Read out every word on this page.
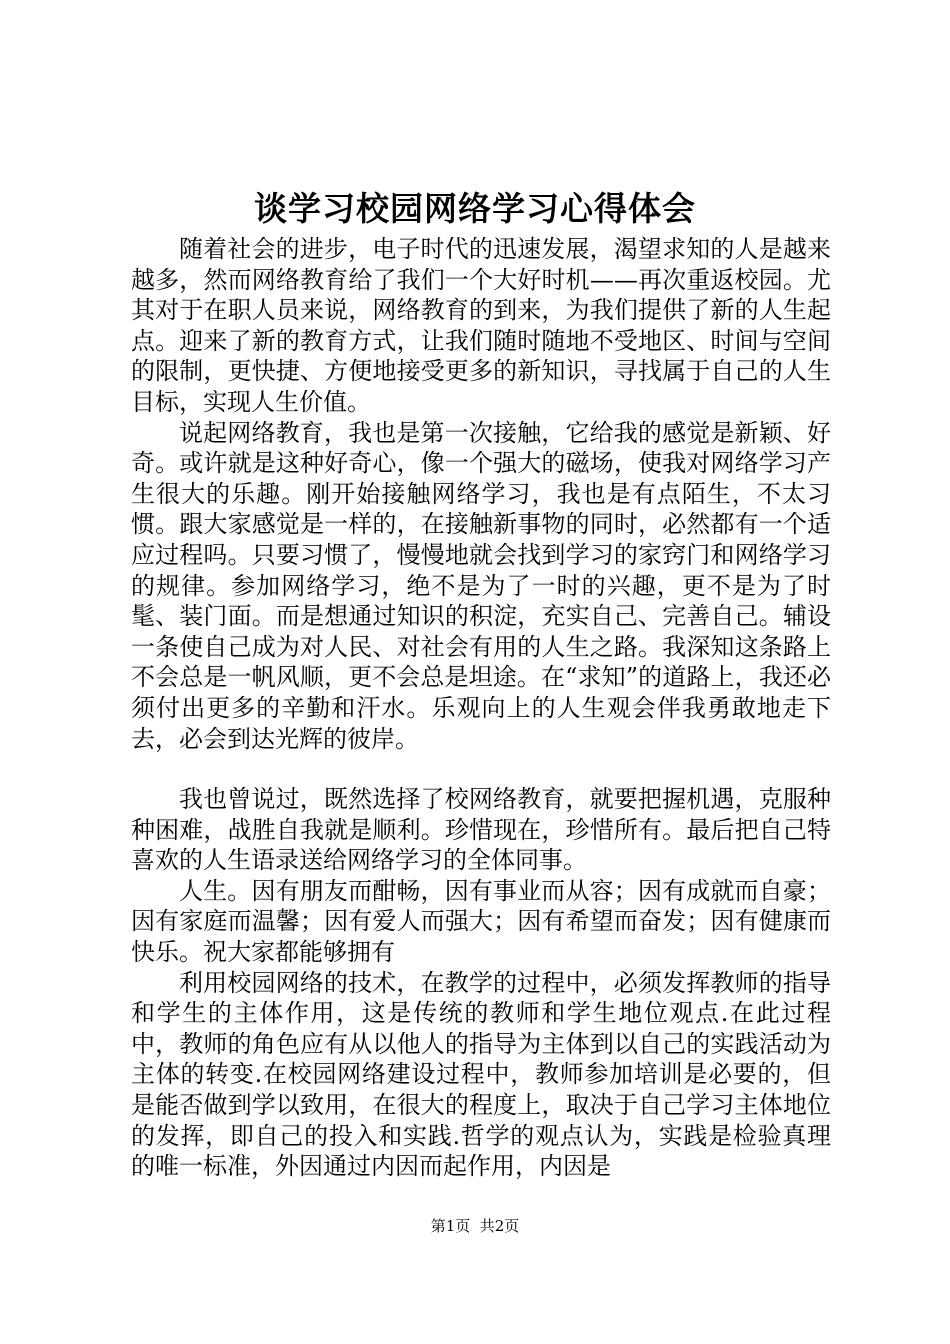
谈学习校园网络学习心得体会

随着社会的进步，电子时代的迅速发展，渴望求知的人是越来越多，然而网络教育给了我们一个大好时机——再次重返校园。尤其对于在职人员来说，网络教育的到来，为我们提供了新的人生起点。迎来了新的教育方式，让我们随时随地不受地区、时间与空间的限制，更快捷、方便地接受更多的新知识，寻找属于自己的人生目标，实现人生价值。

说起网络教育，我也是第一次接触，它给我的感觉是新颖、好奇。或许就是这种好奇心，像一个强大的磁场，使我对网络学习产生很大的乐趣。刚开始接触网络学习，我也是有点陌生，不太习惯。跟大家感觉是一样的，在接触新事物的同时，必然都有一个适应过程吗。只要习惯了，慢慢地就会找到学习的家窍门和网络学习的规律。参加网络学习，绝不是为了一时的兴趣，更不是为了时髦、装门面。而是想通过知识的积淀，充实自己、完善自己。辅设一条使自己成为对人民、对社会有用的人生之路。我深知这条路上不会总是一帆风顺，更不会总是坦途。在“求知”的道路上，我还必须付出更多的辛勤和汗水。乐观向上的人生观会伴我勇敢地走下去，必会到达光辉的彼岸。

我也曾说过，既然选择了校网络教育，就要把握机遇，克服种种困难，战胜自我就是顺利。珍惜现在，珍惜所有。最后把自己特喜欢的人生语录送给网络学习的全体同事。

人生。因有朋友而酣畅，因有事业而从容；因有成就而自豪；因有家庭而温馨；因有爱人而强大；因有希望而奋发；因有健康而快乐。祝大家都能够拥有

利用校园网络的技术，在教学的过程中，必须发挥教师的指导和学生的主体作用，这是传统的教师和学生地位观点.在此过程中，教师的角色应有从以他人的指导为主体到以自己的实践活动为主体的转变.在校园网络建设过程中，教师参加培训是必要的，但是能否做到学以致用，在很大的程度上，取决于自己学习主体地位的发挥，即自己的投入和实践.哲学的观点认为，实践是检验真理的唯一标准，外因通过内因而起作用，内因是

第1页  共2页
